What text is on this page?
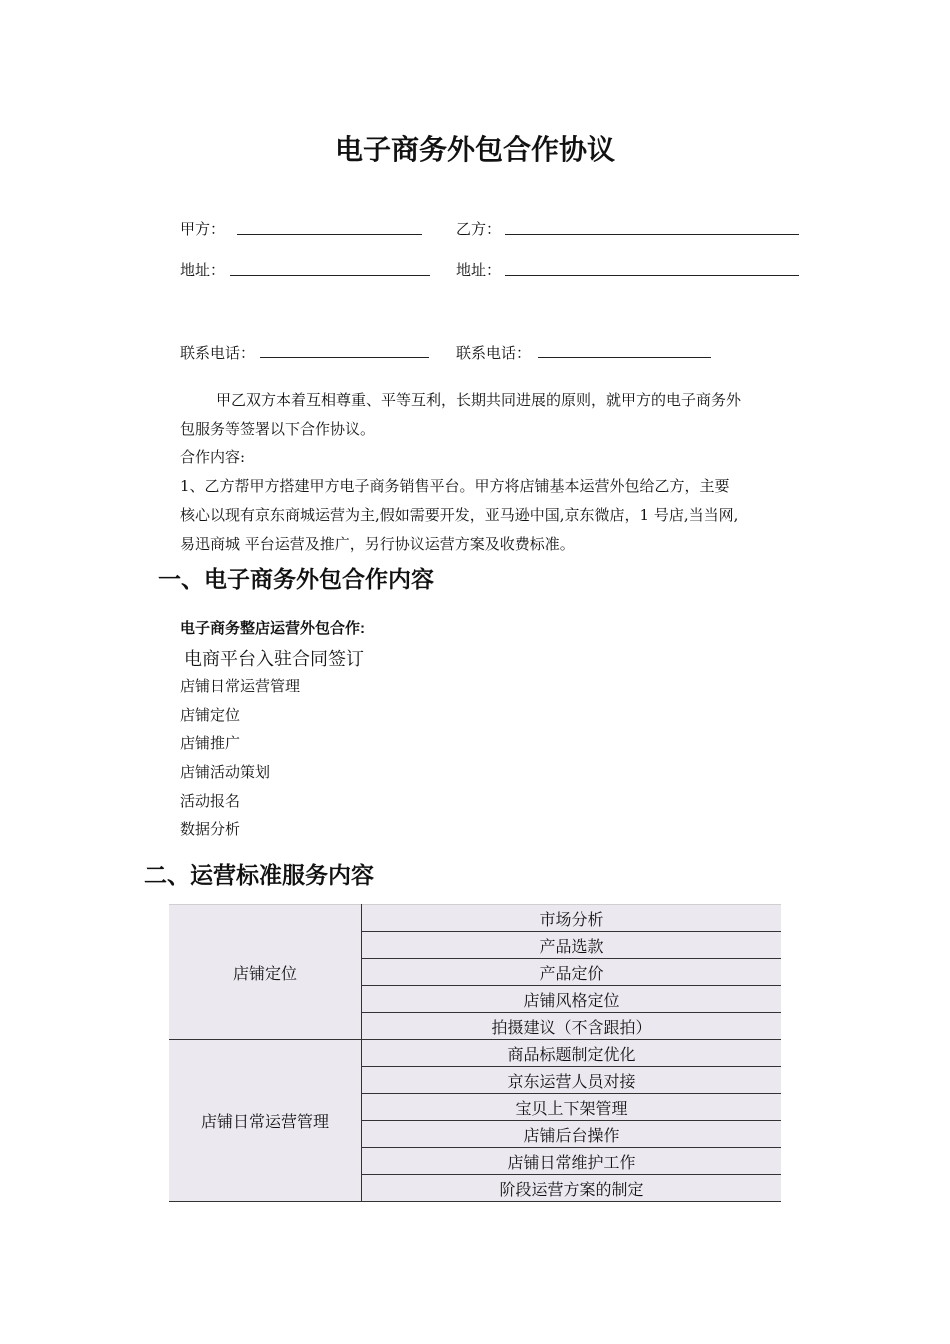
电子商务外包合作协议
甲方：	乙方：
地址：	地址：
联系电话：	联系电话：
甲乙双方本着互相尊重、平等互利，长期共同进展的原则，就甲方的电子商务外
包服务等签署以下合作协议。
合作内容:
1、乙方帮甲方搭建甲方电子商务销售平台。甲方将店铺基本运营外包给乙方，主要
核心以现有京东商城运营为主,假如需要开发，亚马逊中国,京东微店，1 号店,当当网,
易迅商城 平台运营及推广，另行协议运营方案及收费标准。
一、电子商务外包合作内容
电子商务整店运营外包合作:
电商平台入驻合同签订
店铺日常运营管理
店铺定位
店铺推广
店铺活动策划
活动报名
数据分析
二、运营标准服务内容
店铺定位	市场分析
	产品选款
	产品定价
	店铺风格定位
	拍摄建议（不含跟拍）
店铺日常运营管理	商品标题制定优化
	京东运营人员对接
	宝贝上下架管理
	店铺后台操作
	店铺日常维护工作
	阶段运营方案的制定
